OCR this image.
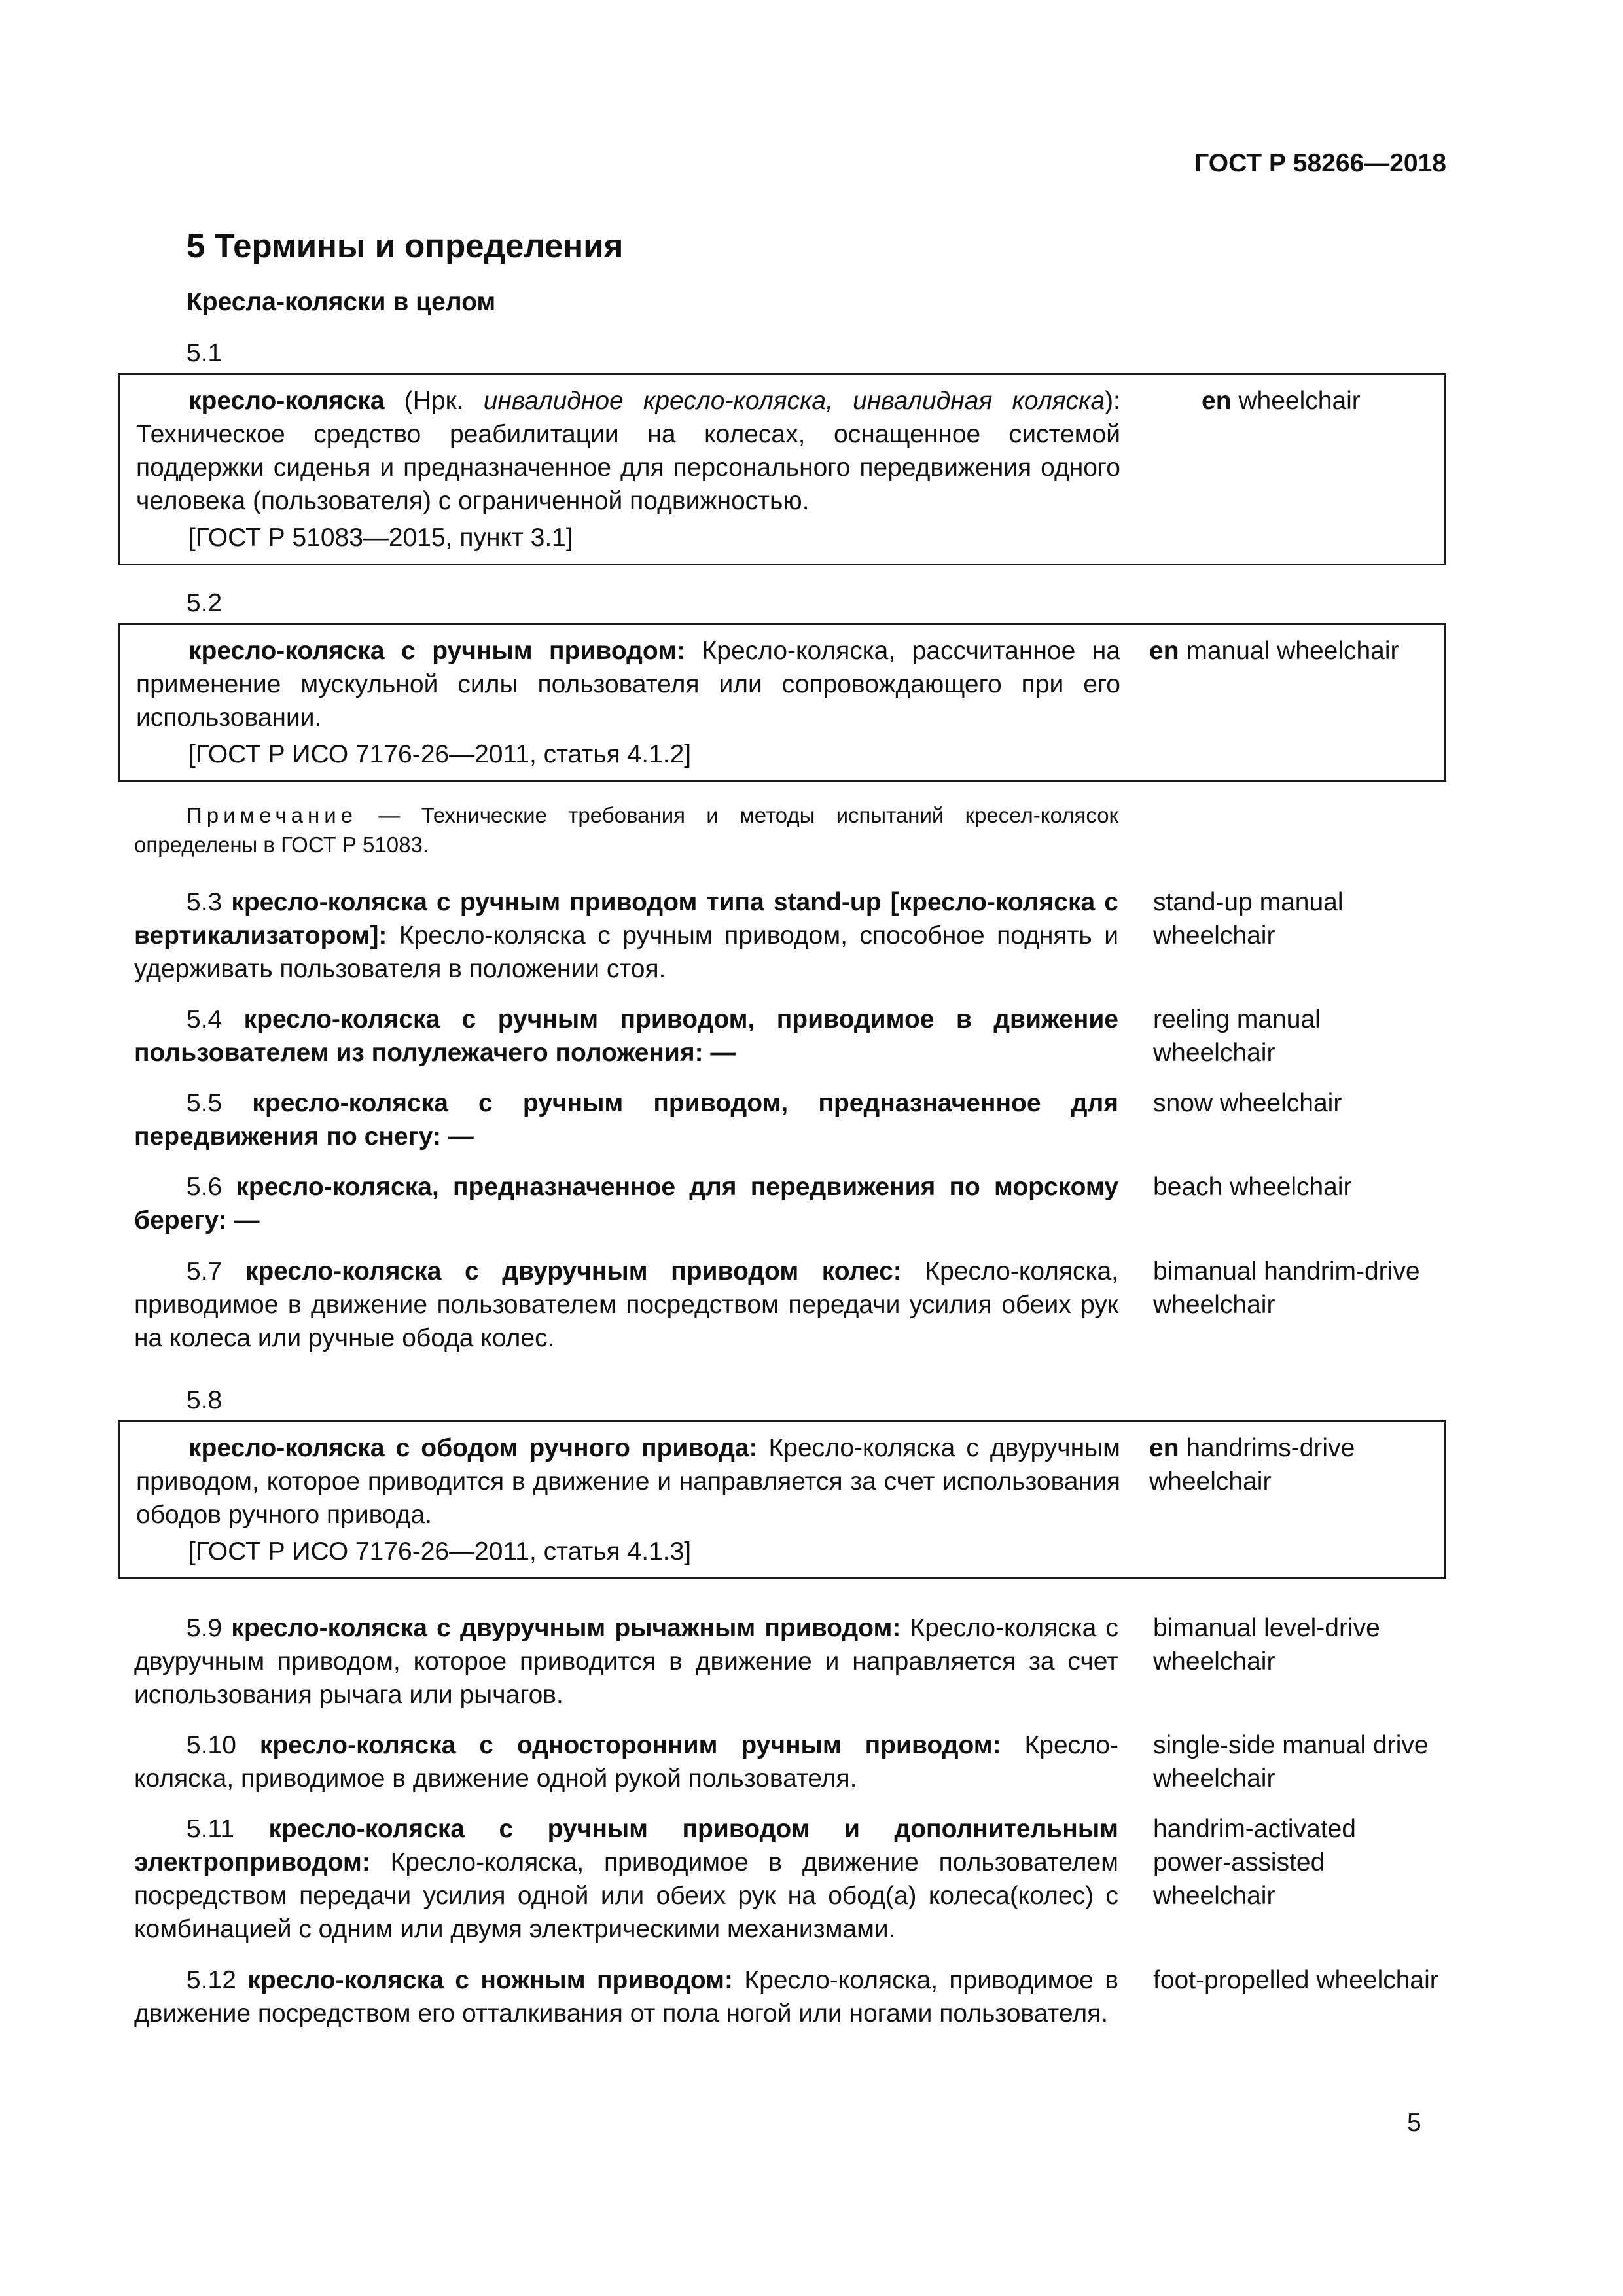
ГОСТ Р 58266—2018
5 Термины и определения
Кресла-коляски в целом
5.1
кресло-коляска (Нрк. инвалидное кресло-коляска, инвалидная коляска): Техническое средство реабилитации на колесах, оснащенное системой поддержки сиденья и предназначенное для персонального передвижения одного человека (пользователя) с ограниченной подвижностью.
[ГОСТ Р 51083—2015, пункт 3.1]
en wheelchair
5.2
кресло-коляска с ручным приводом: Кресло-коляска, рассчитанное на применение мускульной силы пользователя или сопровождающего при его использовании.
[ГОСТ Р ИСО 7176-26—2011, статья 4.1.2]
en manual wheelchair
Примечание — Технические требования и методы испытаний кресел-колясок определены в ГОСТ Р 51083.
5.3 кресло-коляска с ручным приводом типа stand-up [кресло-коляска с вертикализатором]: Кресло-коляска с ручным приводом, способное поднять и удерживать пользователя в положении стоя.
stand-up manual wheelchair
5.4 кресло-коляска с ручным приводом, приводимое в движение пользователем из полулежачего положения: —
reeling manual wheelchair
5.5 кресло-коляска с ручным приводом, предназначенное для передвижения по снегу: —
snow wheelchair
5.6 кресло-коляска, предназначенное для передвижения по морскому берегу: —
beach wheelchair
5.7 кресло-коляска с двуручным приводом колес: Кресло-коляска, приводимое в движение пользователем посредством передачи усилия обеих рук на колеса или ручные обода колес.
bimanual handrim-drive wheelchair
5.8
кресло-коляска с ободом ручного привода: Кресло-коляска с двуручным приводом, которое приводится в движение и направляется за счет использования ободов ручного привода.
[ГОСТ Р ИСО 7176-26—2011, статья 4.1.3]
en handrims-drive wheelchair
5.9 кресло-коляска с двуручным рычажным приводом: Кресло-коляска с двуручным приводом, которое приводится в движение и направляется за счет использования рычага или рычагов.
bimanual level-drive wheelchair
5.10 кресло-коляска с односторонним ручным приводом: Кресло-коляска, приводимое в движение одной рукой пользователя.
single-side manual drive wheelchair
5.11 кресло-коляска с ручным приводом и дополнительным электроприводом: Кресло-коляска, приводимое в движение пользователем посредством передачи усилия одной или обеих рук на обод(а) колеса(колес) с комбинацией с одним или двумя электрическими механизмами.
handrim-activated power-assisted wheelchair
5.12 кресло-коляска с ножным приводом: Кресло-коляска, приводимое в движение посредством его отталкивания от пола ногой или ногами пользователя.
foot-propelled wheelchair
5
